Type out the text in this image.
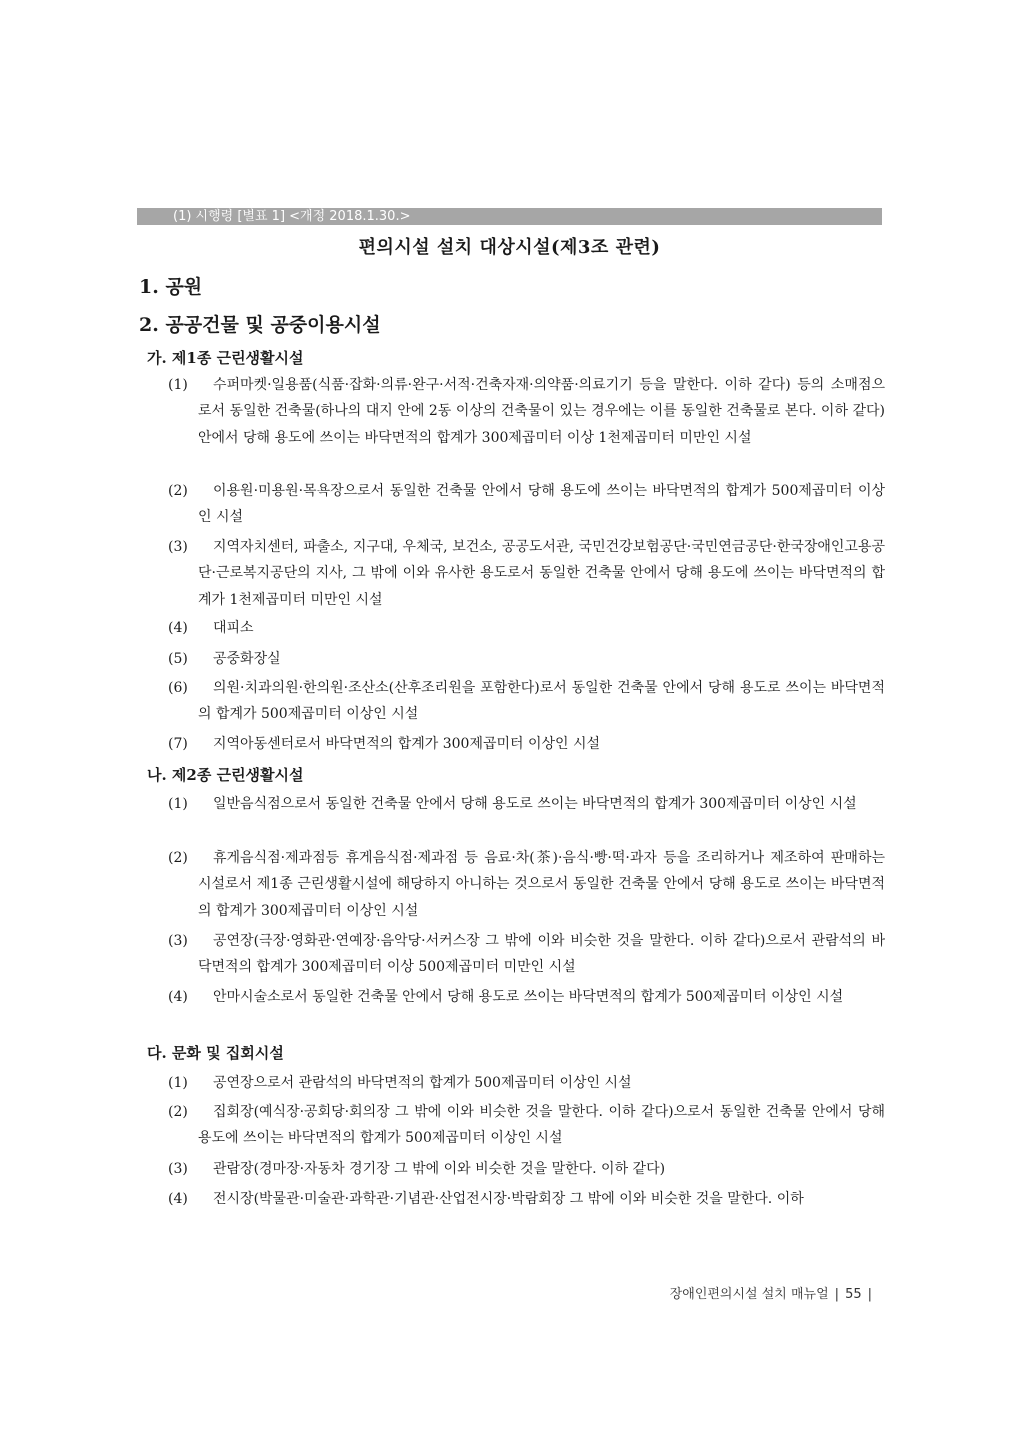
(1) 시행령 [별표 1] <개정 2018.1.30.>
편의시설 설치 대상시설(제3조 관련)
1. 공원
2. 공공건물 및 공중이용시설
가. 제1종 근린생활시설
(1) 수퍼마켓·일용품(식품·잡화·의류·완구·서적·건축자재·의약품·의료기기 등을 말한다. 이하 같다) 등의 소매점으로서 동일한 건축물(하나의 대지 안에 2동 이상의 건축물이 있는 경우에는 이를 동일한 건축물로 본다. 이하 같다) 안에서 당해 용도에 쓰이는 바닥면적의 합계가 300제곱미터 이상 1천제곱미터 미만인 시설
(2) 이용원·미용원·목욕장으로서 동일한 건축물 안에서 당해 용도에 쓰이는 바닥면적의 합계가 500제곱미터 이상인 시설
(3) 지역자치센터, 파출소, 지구대, 우체국, 보건소, 공공도서관, 국민건강보험공단·국민연금공단·한국장애인고용공단·근로복지공단의 지사, 그 밖에 이와 유사한 용도로서 동일한 건축물 안에서 당해 용도에 쓰이는 바닥면적의 합계가 1천제곱미터 미만인 시설
(4) 대피소
(5) 공중화장실
(6) 의원·치과의원·한의원·조산소(산후조리원을 포함한다)로서 동일한 건축물 안에서 당해 용도로 쓰이는 바닥면적의 합계가 500제곱미터 이상인 시설
(7) 지역아동센터로서 바닥면적의 합계가 300제곱미터 이상인 시설
나. 제2종 근린생활시설
(1) 일반음식점으로서 동일한 건축물 안에서 당해 용도로 쓰이는 바닥면적의 합계가 300제곱미터 이상인 시설
(2) 휴게음식점·제과점등 휴게음식점·제과점 등 음료·차(茶)·음식·빵·떡·과자 등을 조리하거나 제조하여 판매하는 시설로서 제1종 근린생활시설에 해당하지 아니하는 것으로서 동일한 건축물 안에서 당해 용도로 쓰이는 바닥면적의 합계가 300제곱미터 이상인 시설
(3) 공연장(극장·영화관·연예장·음악당·서커스장 그 밖에 이와 비슷한 것을 말한다. 이하 같다)으로서 관람석의 바닥면적의 합계가 300제곱미터 이상 500제곱미터 미만인 시설
(4) 안마시술소로서 동일한 건축물 안에서 당해 용도로 쓰이는 바닥면적의 합계가 500제곱미터 이상인 시설
다. 문화 및 집회시설
(1) 공연장으로서 관람석의 바닥면적의 합계가 500제곱미터 이상인 시설
(2) 집회장(예식장·공회당·회의장 그 밖에 이와 비슷한 것을 말한다. 이하 같다)으로서 동일한 건축물 안에서 당해 용도에 쓰이는 바닥면적의 합계가 500제곱미터 이상인 시설
(3) 관람장(경마장·자동차 경기장 그 밖에 이와 비슷한 것을 말한다. 이하 같다)
(4) 전시장(박물관·미술관·과학관·기념관·산업전시장·박람회장 그 밖에 이와 비슷한 것을 말한다. 이하
장애인편의시설 설치 매뉴얼 | 55 |
